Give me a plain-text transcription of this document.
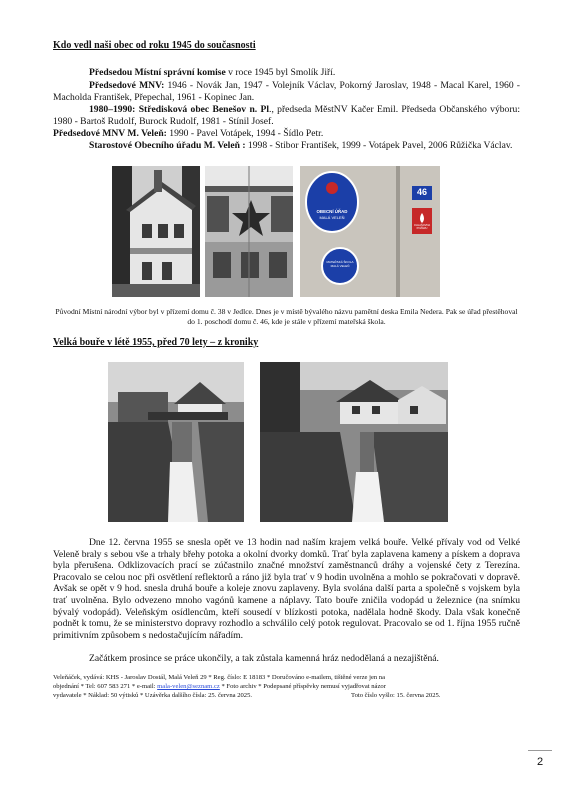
Kdo vedl naši obec od roku 1945 do současnosti
Předsedou Místní správní komise v roce 1945 byl Smolík Jiří.
Předsedové MNV: 1946 - Novák Jan, 1947 - Volejník Václav, Pokorný Jaroslav, 1948 - Macal Karel, 1960 - Macholda František, Přepechal, 1961 - Kopinec Jan.
1980–1990: Středisková obec Benešov n. Pl., předseda MěstNV Kačer Emil. Předseda Občanského výboru: 1980 - Bartoš Rudolf, Burock Rudolf, 1981 - Stínil Josef.
Předsedové MNV M. Veleň: 1990 - Pavel Votápek, 1994 - Šídlo Petr.
Starostové Obecního úřadu M. Veleň : 1998 - Stibor František, 1999 - Votápek Pavel, 2006 Růžička Václav.
OBECNÍ ÚŘAD
MALÁ VELEŇ
MATEŘSKÁ ŠKOLA MALÁ VELEŇ
46
OHLAŠOVNA POŽÁRU
Původní Místní národní výbor byl v přízemí domu č. 38 v Jedlce. Dnes je v místě bývalého názvu pamětní deska Emila Nedera. Pak se úřad přestěhoval do 1. poschodí domu č. 46, kde je stále v přízemí mateřská škola.
Velká bouře v létě 1955, před 70 lety – z kroniky
Dne 12. června 1955 se snesla opět ve 13 hodin nad naším krajem velká bouře. Velké přívaly vod od Velké Veleně braly s sebou vše a trhaly břehy potoka a okolní dvorky domků. Trať byla zaplavena kameny a pískem a doprava byla přerušena. Odklizovacích prací se zúčastnilo značné množství zaměstnanců dráhy a vojenské čety z Terezína. Pracovalo se celou noc při osvětlení reflektorů a ráno již byla trať v 9 hodin uvolněna a mohlo se pokračovati v dopravě. Avšak se opět v 9 hod. snesla druhá bouře a koleje znovu zaplaveny. Byla svolána další parta a společně s vojskem byla trať uvolněna. Bylo odvezeno mnoho vagónů kamene a náplavy. Tato bouře zničila vodopád u železnice (na snímku bývalý vodopád). Veleňským osídlencům, kteří sousedí v blízkosti potoka, nadělala hodně škody. Dala však konečně podnět k tomu, že se ministerstvo dopravy rozhodlo a schválilo celý potok regulovat. Pracovalo se od 1. října 1955 ručně primitivním způsobem s nedostačujícím nářadím.
Začátkem prosince se práce ukončily, a tak zůstala kamenná hráz nedodělaná a nezajištěná.
Veleňáček, vydává: KHS - Jaroslav Dostál, Malá Veleň 29 * Reg. číslo: E 18183 * Doručováno e-mailem, tištěné verze jen na
objednání * Tel: 607 583 271 * e-mail: mala-velen@seznam.cz * Foto archiv * Podepsané příspěvky nemusí vyjadřovat názor
vydavatele * Náklad: 50 výtisků * Uzávěrka dalšího čísla: 25. června 2025.	Toto číslo vyšlo: 15. června 2025.
2
